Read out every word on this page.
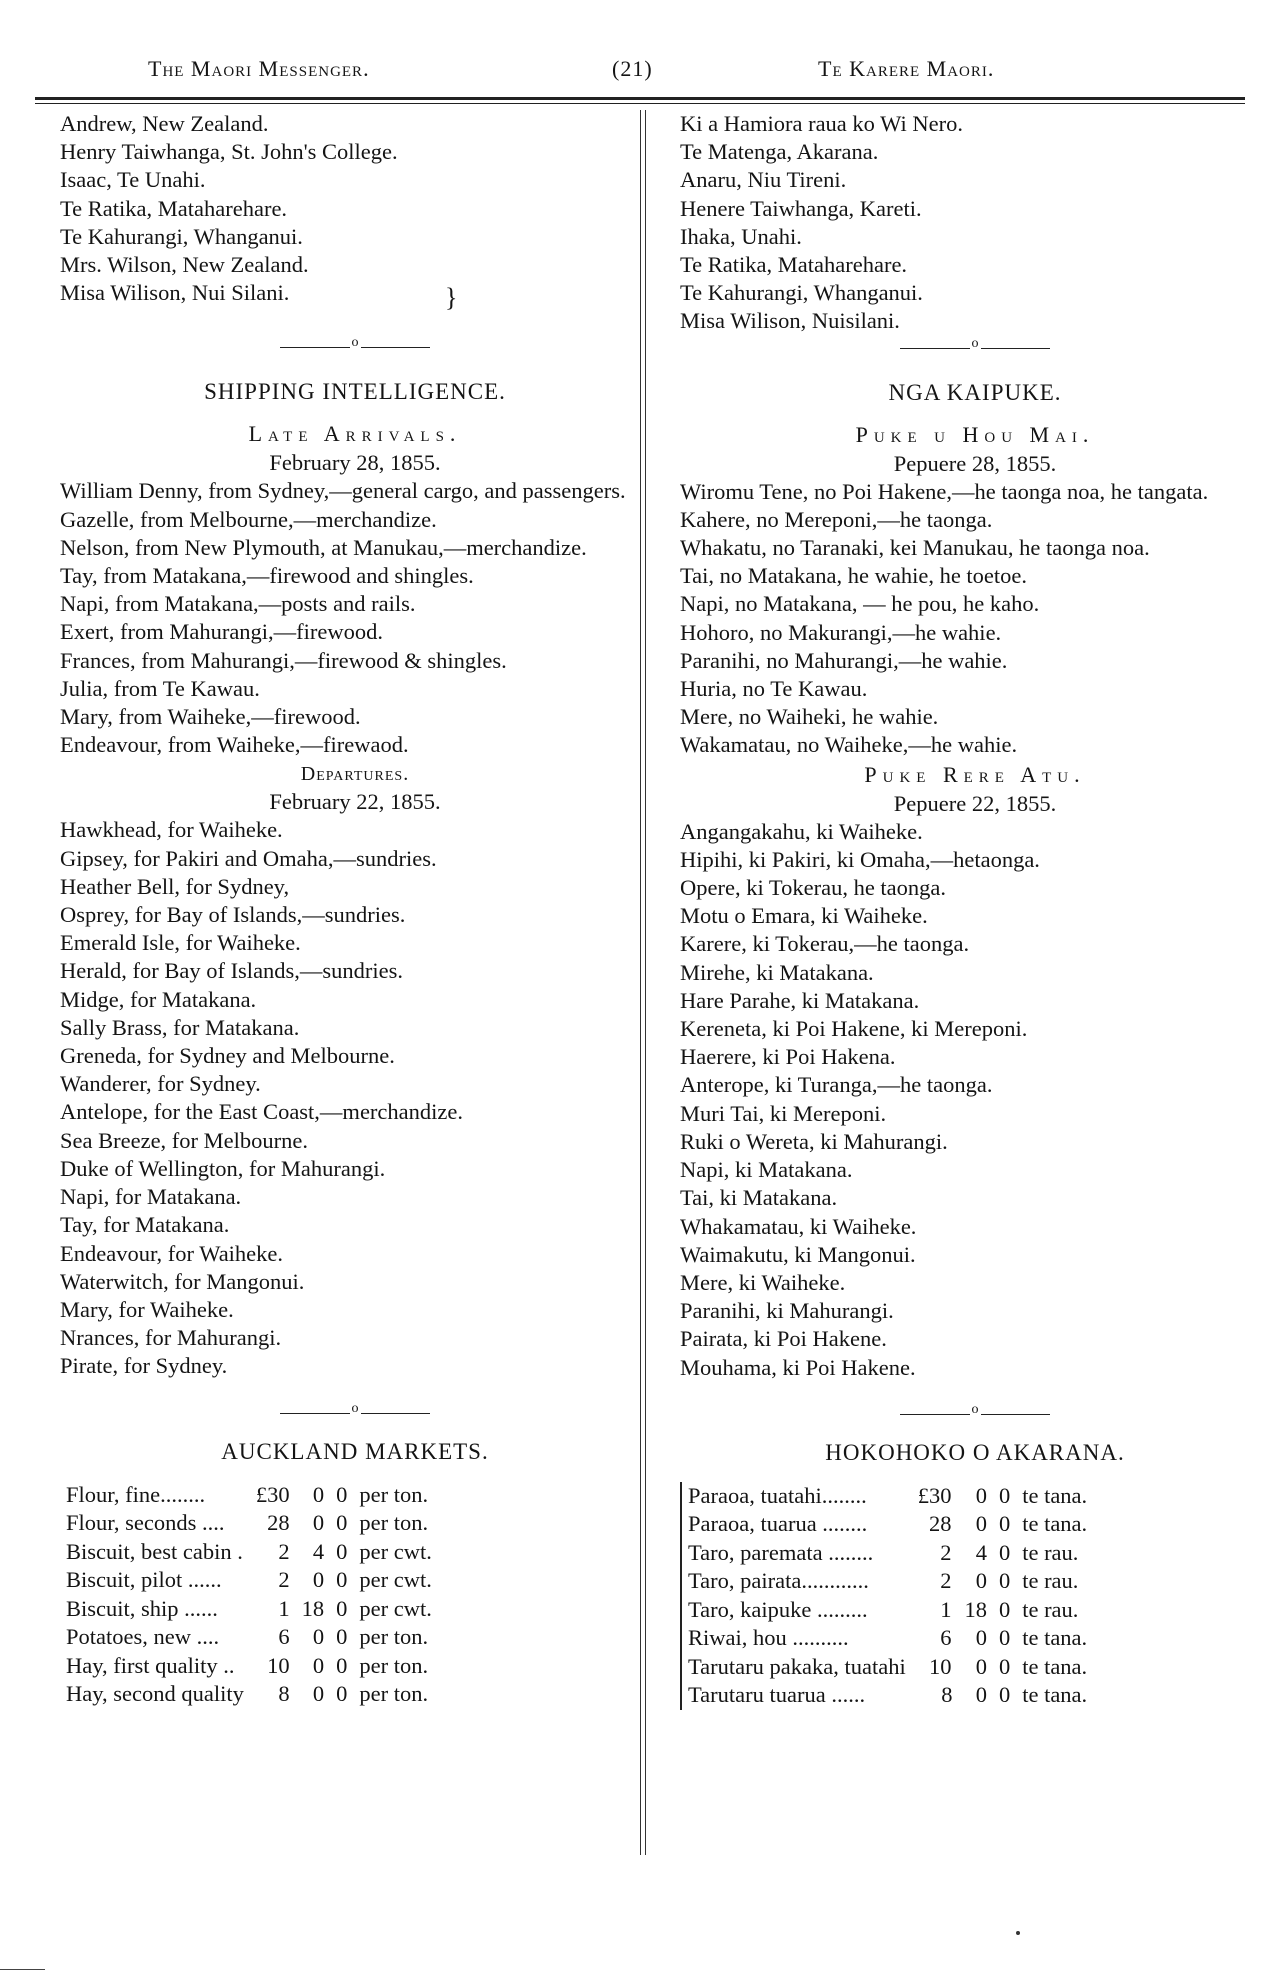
The Maori Messenger.	(21)	Te Karere Maori.
Andrew, New Zealand.
Henry Taiwhanga, St. John's College.
Isaac, Te Unahi.
Te Ratika, Mataharehare.
Te Kahurangi, Whanganui.
Mrs. Wilson, New Zealand.
Misa Wilison, Nui Silani.	}
o
SHIPPING INTELLIGENCE.
Late Arrivals.
February 28, 1855.
William Denny, from Sydney,—general cargo, and passengers.
Gazelle, from Melbourne,—merchandize.
Nelson, from New Plymouth, at Manukau,—merchandize.
Tay, from Matakana,—firewood and shingles.
Napi, from Matakana,—posts and rails.
Exert, from Mahurangi,—firewood.
Frances, from Mahurangi,—firewood & shingles.
Julia, from Te Kawau.
Mary, from Waiheke,—firewood.
Endeavour, from Waiheke,—firewaod.
Departures.
February 22, 1855.
Hawkhead, for Waiheke.
Gipsey, for Pakiri and Omaha,—sundries.
Heather Bell, for Sydney,
Osprey, for Bay of Islands,—sundries.
Emerald Isle, for Waiheke.
Herald, for Bay of Islands,—sundries.
Midge, for Matakana.
Sally Brass, for Matakana.
Greneda, for Sydney and Melbourne.
Wanderer, for Sydney.
Antelope, for the East Coast,—merchandize.
Sea Breeze, for Melbourne.
Duke of Wellington, for Mahurangi.
Napi, for Matakana.
Tay, for Matakana.
Endeavour, for Waiheke.
Waterwitch, for Mangonui.
Mary, for Waiheke.
Nrances, for Mahurangi.
Pirate, for Sydney.
o
AUCKLAND MARKETS.
Flour, fine........	£30	0	0	per ton.
Flour, seconds ....	28	0	0	per ton.
Biscuit, best cabin .	2	4	0	per cwt.
Biscuit, pilot ......	2	0	0	per cwt.
Biscuit, ship ......	1	18	0	per cwt.
Potatoes, new ....	6	0	0	per ton.
Hay, first quality ..	10	0	0	per ton.
Hay, second quality	8	0	0	per ton.
Ki a Hamiora raua ko Wi Nero.
Te Matenga, Akarana.
Anaru, Niu Tireni.
Henere Taiwhanga, Kareti.
Ihaka, Unahi.
Te Ratika, Mataharehare.
Te Kahurangi, Whanganui.
Misa Wilison, Nuisilani.
o
NGA KAIPUKE.
Puke u Hou Mai.
Pepuere 28, 1855.
Wiromu Tene, no Poi Hakene,—he taonga noa, he tangata.
Kahere, no Mereponi,—he taonga.
Whakatu, no Taranaki, kei Manukau, he taonga noa.
Tai, no Matakana, he wahie, he toetoe.
Napi, no Matakana, — he pou, he kaho.
Hohoro, no Makurangi,—he wahie.
Paranihi, no Mahurangi,—he wahie.
Huria, no Te Kawau.
Mere, no Waiheki, he wahie.
Wakamatau, no Waiheke,—he wahie.
Puke Rere Atu.
Pepuere 22, 1855.
Angangakahu, ki Waiheke.
Hipihi, ki Pakiri, ki Omaha,—hetaonga.
Opere, ki Tokerau, he taonga.
Motu o Emara, ki Waiheke.
Karere, ki Tokerau,—he taonga.
Mirehe, ki Matakana.
Hare Parahe, ki Matakana.
Kereneta, ki Poi Hakene, ki Mereponi.
Haerere, ki Poi Hakena.
Anterope, ki Turanga,—he taonga.
Muri Tai, ki Mereponi.
Ruki o Wereta, ki Mahurangi.
Napi, ki Matakana.
Tai, ki Matakana.
Whakamatau, ki Waiheke.
Waimakutu, ki Mangonui.
Mere, ki Waiheke.
Paranihi, ki Mahurangi.
Pairata, ki Poi Hakene.
Mouhama, ki Poi Hakene.
o
HOKOHOKO O AKARANA.
Paraoa, tuatahi........	£30	0	0	te tana.
Paraoa, tuarua ........	28	0	0	te tana.
Taro, paremata ........	2	4	0	te rau.
Taro, pairata............	2	0	0	te rau.
Taro, kaipuke .........	1	18	0	te rau.
Riwai, hou ..........	6	0	0	te tana.
Tarutaru pakaka, tuatahi	10	0	0	te tana.
Tarutaru tuarua ......	8	0	0	te tana.
